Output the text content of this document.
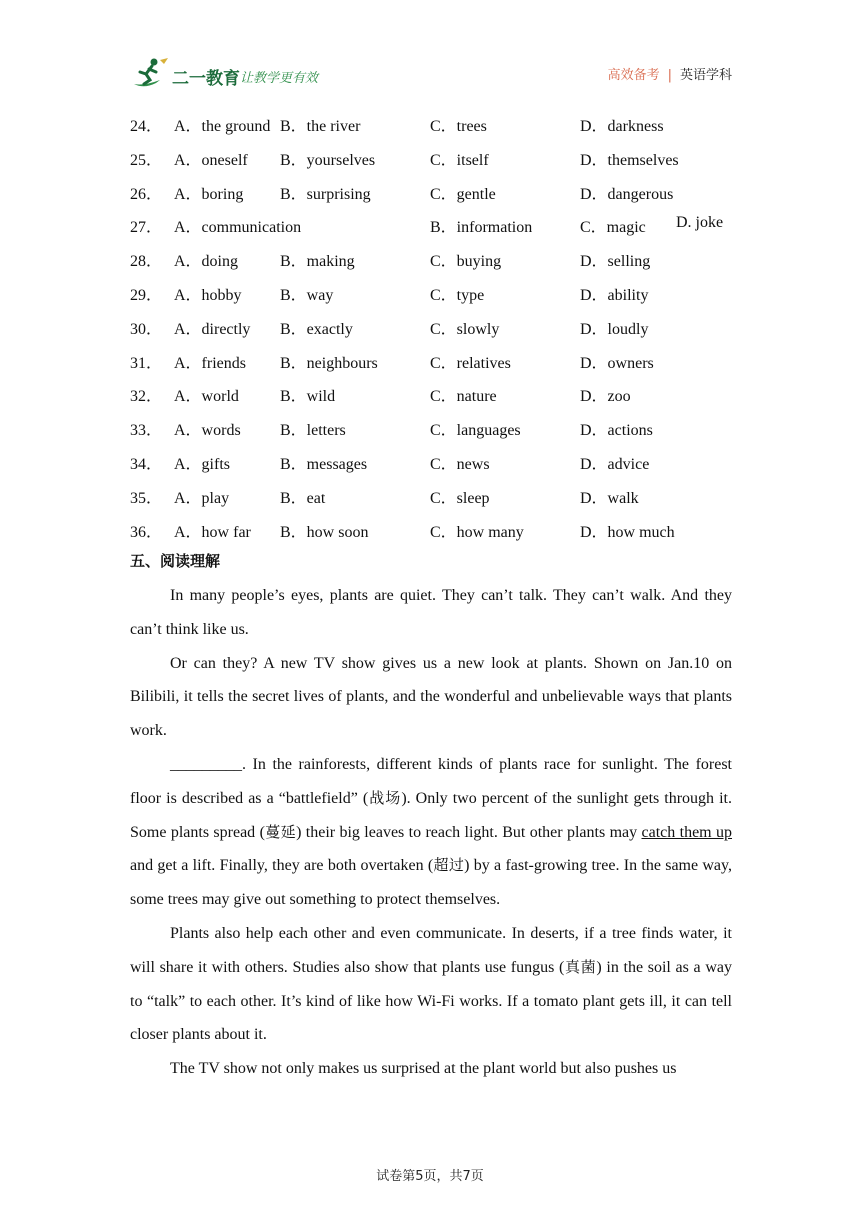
二一教育 让教学更有效	高效备考 | 英语学科
24． A．the ground B．the river	C．trees	D．darkness
25． A．oneself B．yourselves	C．itself	D．themselves
26． A．boring B．surprising	C．gentle	D．dangerous
27． A．communication	B．information	C．magic D. joke
28． A．doing	B．making	C．buying	D．selling
29． A．hobby B．way	C．type	D．ability
30． A．directly B．exactly	C．slowly	D．loudly
31． A．friends B．neighbours	C．relatives	D．owners
32． A．world	B．wild	C．nature	D．zoo
33． A．words B．letters	C．languages	D．actions
34． A．gifts	B．messages	C．news	D．advice
35． A．play	B．eat	C．sleep	D．walk
36． A．how far B．how soon	C．how many	D．how much
五、阅读理解

In many people’s eyes, plants are quiet. They can’t talk. They can’t walk. And they can’t think like us.

Or can they? A new TV show gives us a new look at plants. Shown on Jan.10 on Bilibili, it tells the secret lives of plants, and the wonderful and unbelievable ways that plants work.

_________. In the rainforests, different kinds of plants race for sunlight. The forest floor is described as a “battlefield” (战场). Only two percent of the sunlight gets through it. Some plants spread (蔓延) their big leaves to reach light. But other plants may catch them up and get a lift. Finally, they are both overtaken (超过) by a fast-growing tree. In the same way, some trees may give out something to protect themselves.

Plants also help each other and even communicate. In deserts, if a tree finds water, it will share it with others. Studies also show that plants use fungus (真菌) in the soil as a way to “talk” to each other. It’s kind of like how Wi-Fi works. If a tomato plant gets ill, it can tell closer plants about it.

The TV show not only makes us surprised at the plant world but also pushes us

试卷第5页，共7页
